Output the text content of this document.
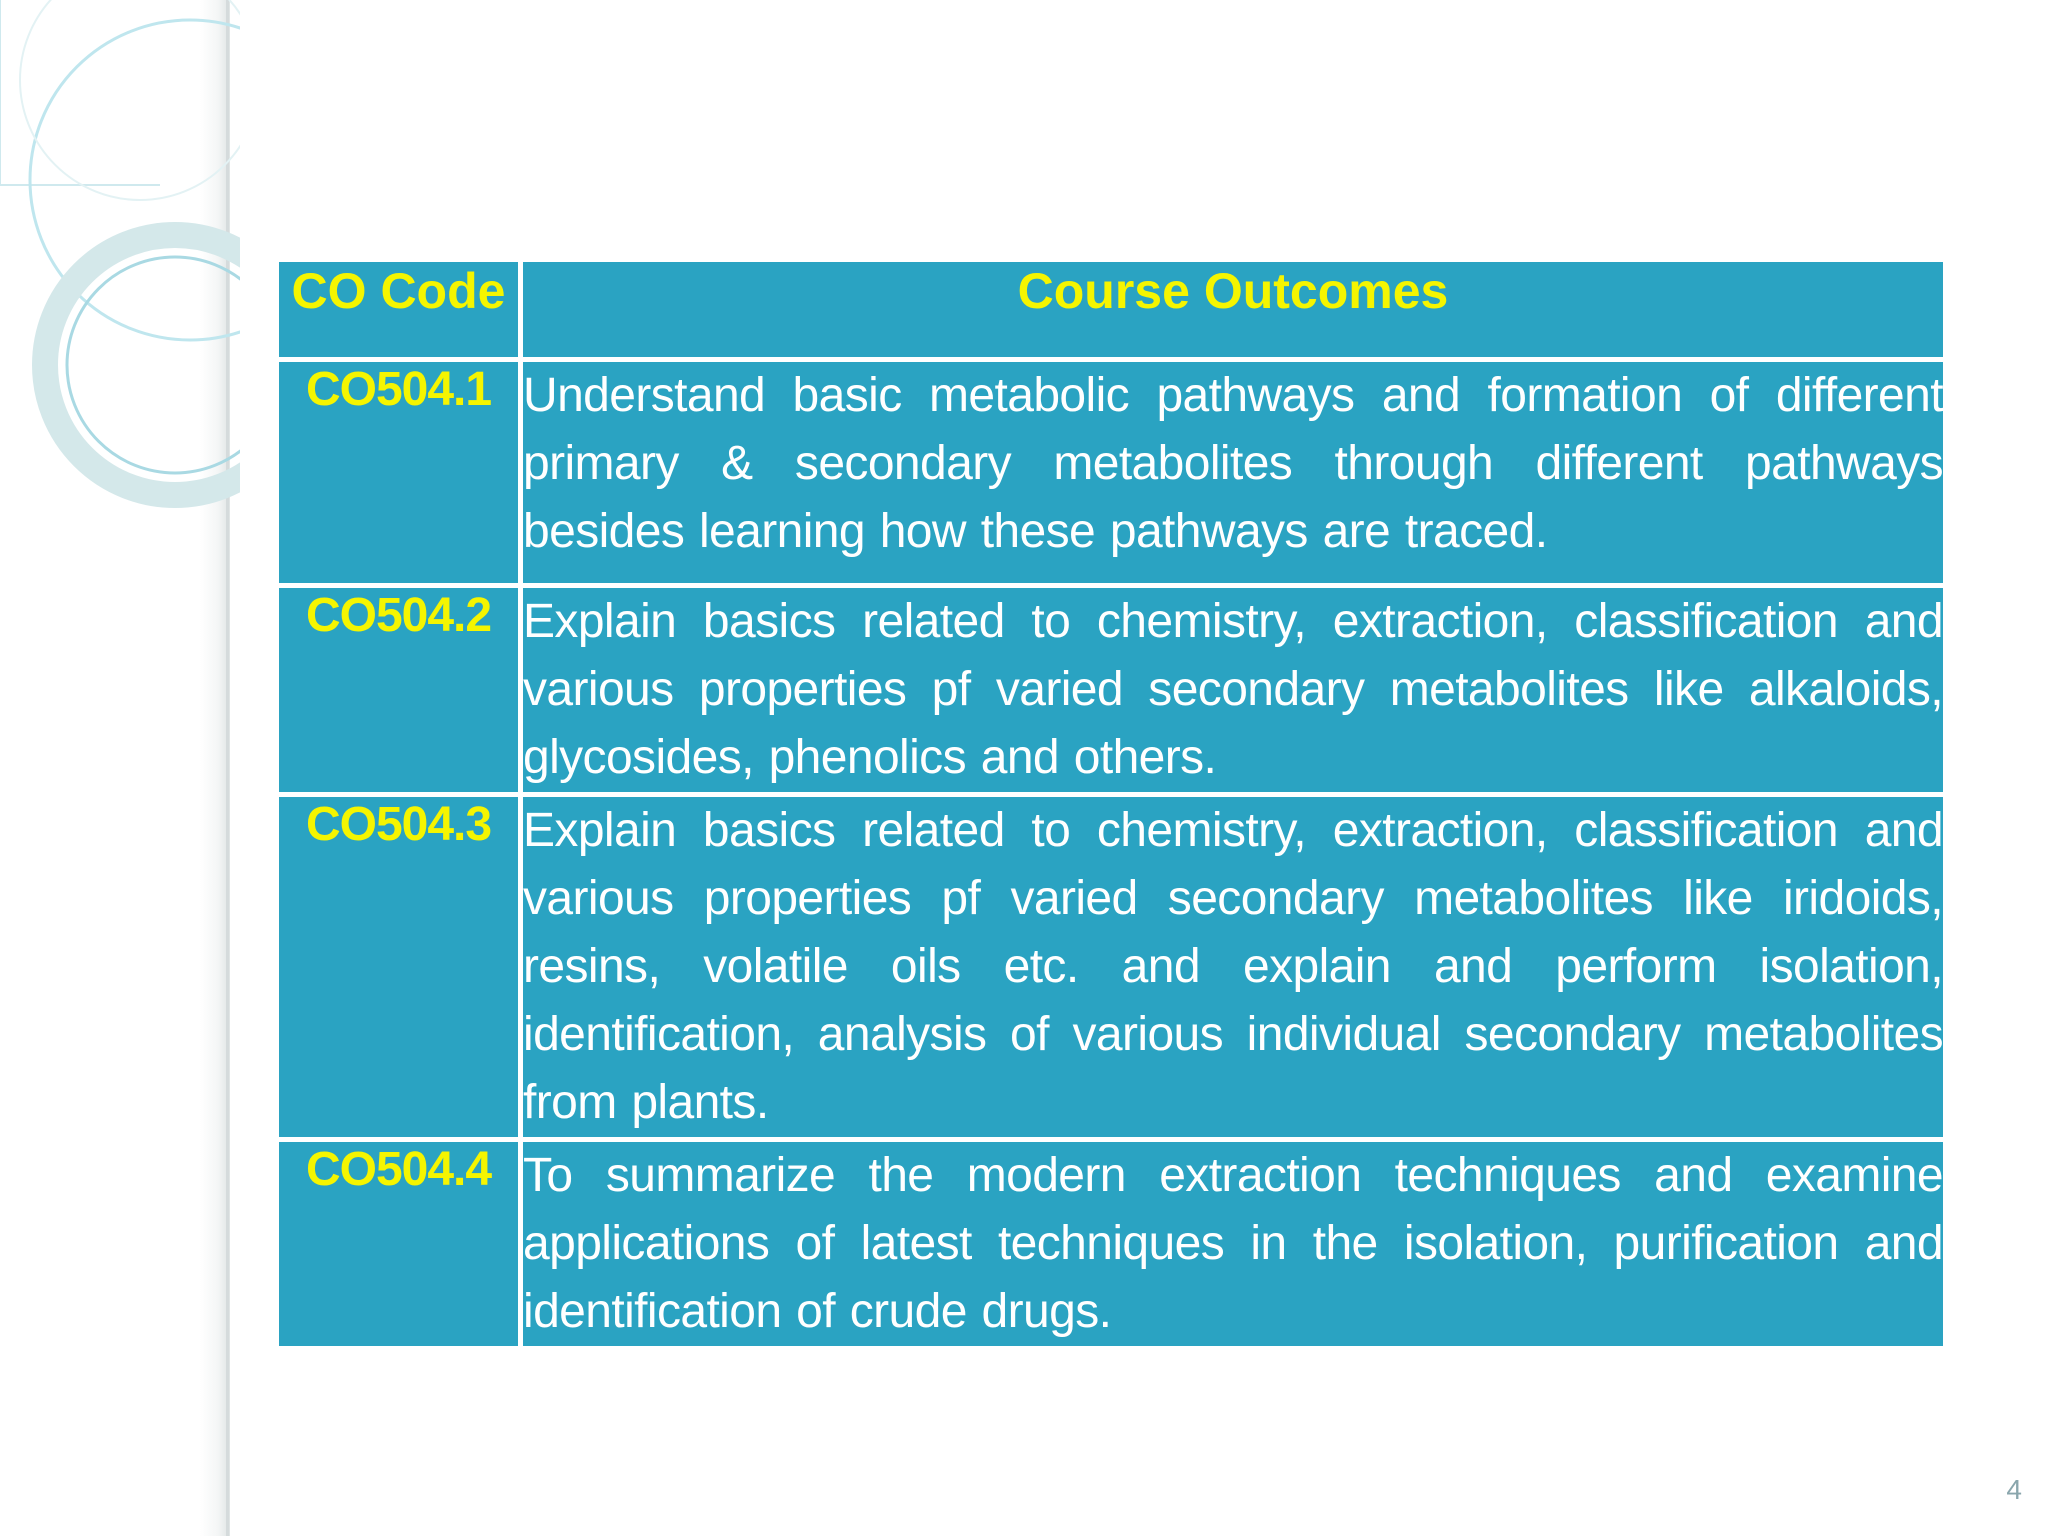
CO Code	Course Outcomes
CO504.1	Understand basic metabolic pathways and formation of different primary & secondary metabolites through different pathways besides learning how these pathways are traced.
CO504.2	Explain basics related to chemistry, extraction, classification and various properties pf varied secondary metabolites like alkaloids, glycosides, phenolics and others.
CO504.3	Explain basics related to chemistry, extraction, classification and various properties pf varied secondary metabolites like iridoids, resins, volatile oils etc. and explain and perform isolation, identification, analysis of various individual secondary metabolites from plants.
CO504.4	To summarize the modern extraction techniques and examine applications of latest techniques in the isolation, purification and identification of crude drugs.
4
